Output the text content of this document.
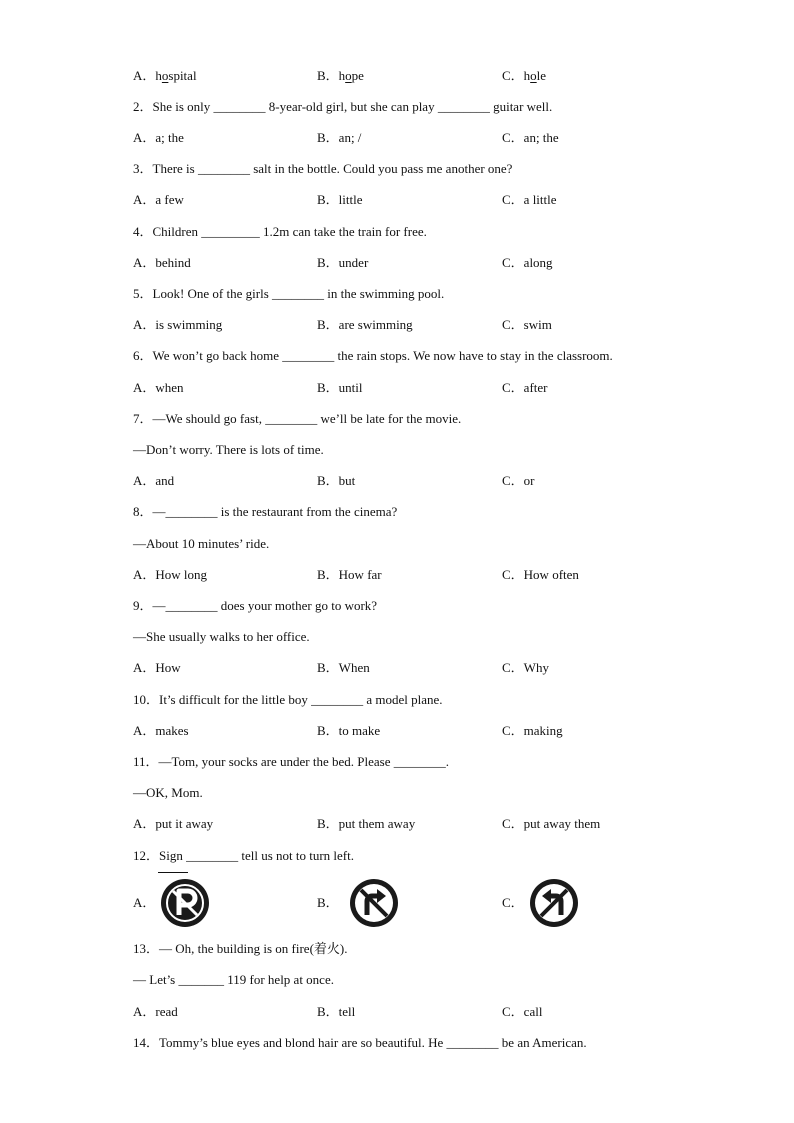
A．hospital	B．hope	C．hole
2．She is only ________ 8-year-old girl, but she can play ________ guitar well.
A．a; the	B．an; /	C．an; the
3．There is ________ salt in the bottle. Could you pass me another one?
A．a few	B．little	C．a little
4．Children _________ 1.2m can take the train for free.
A．behind	B．under	C．along
5．Look! One of the girls ________ in the swimming pool.
A．is swimming	B．are swimming	C．swim
6．We won’t go back home ________ the rain stops. We now have to stay in the classroom.
A．when	B．until	C．after
7．—We should go fast, ________ we’ll be late for the movie.
—Don’t worry. There is lots of time.
A．and	B．but	C．or
8．—________ is the restaurant from the cinema?
—About 10 minutes’ ride.
A．How long	B．How far	C．How often
9．—________ does your mother go to work?
—She usually walks to her office.
A．How	B．When	C．Why
10．It’s difficult for the little boy ________ a model plane.
A．makes	B．to make	C．making
11．—Tom, your socks are under the bed. Please ________.
—OK, Mom.
A．put it away	B．put them away	C．put away them
12．Sign ________ tell us not to turn left.
A．	B．	C．
13．— Oh, the building is on fire(着火).
— Let’s _______ 119 for help at once.
A．read	B．tell	C．call
14．Tommy’s blue eyes and blond hair are so beautiful. He ________ be an American.
